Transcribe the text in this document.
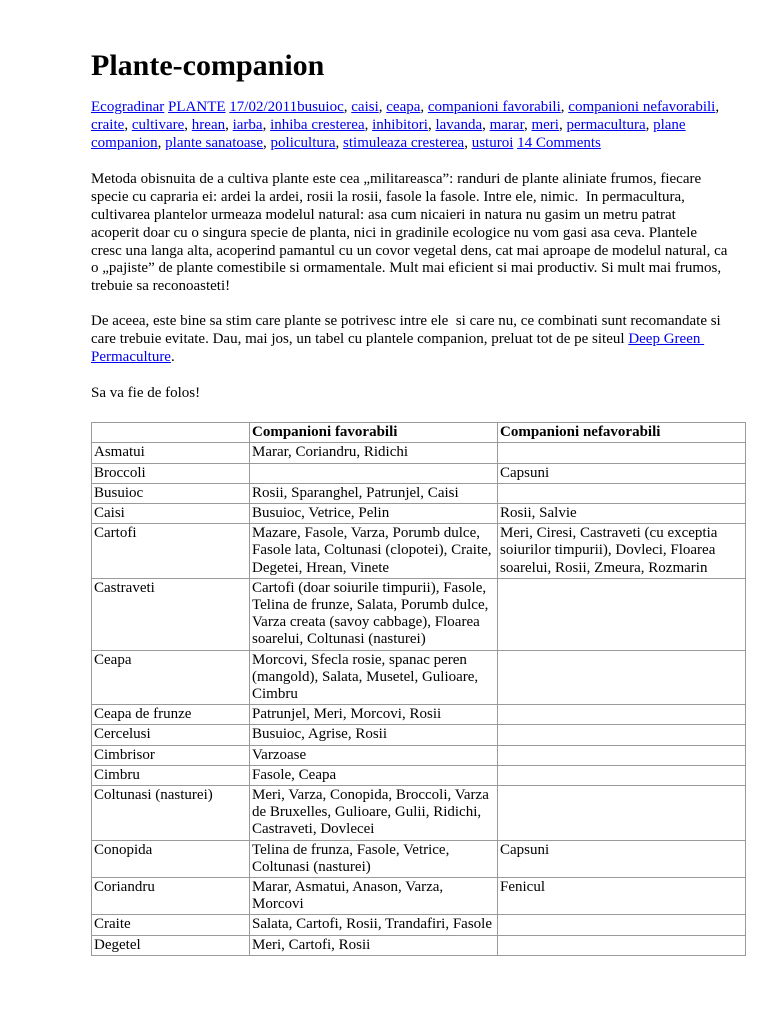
Plante-companion
Ecogradinar PLANTE 17/02/2011busuioc, caisi, ceapa, companioni favorabili, companioni nefavorabili, craite, cultivare, hrean, iarba, inhiba cresterea, inhibitori, lavanda, marar, meri, permacultura, plane companion, plante sanatoase, policultura, stimuleaza cresterea, usturoi 14 Comments

Metoda obisnuita de a cultiva plante este cea „militareasca”: randuri de plante aliniate frumos, fiecare
specie cu capraria ei: ardei la ardei, rosii la rosii, fasole la fasole. Intre ele, nimic.  In permacultura,
cultivarea plantelor urmeaza modelul natural: asa cum nicaieri in natura nu gasim un metru patrat
acoperit doar cu o singura specie de planta, nici in gradinile ecologice nu vom gasi asa ceva. Plantele
cresc una langa alta, acoperind pamantul cu un covor vegetal dens, cat mai aproape de modelul natural, ca
o „pajiste” de plante comestibile si ormamentale. Mult mai eficient si mai productiv. Si mult mai frumos,
trebuie sa reconoasteti!

De aceea, este bine sa stim care plante se potrivesc intre ele  si care nu, ce combinati sunt recomandate si care trebuie evitate. Dau, mai jos, un tabel cu plantele companion, preluat tot de pe siteul Deep Green Permaculture.

Sa va fie de folos!

	Companioni favorabili	Companioni nefavorabili
Asmatui	Marar, Coriandru, Ridichi	
Broccoli		Capsuni
Busuioc	Rosii, Sparanghel, Patrunjel, Caisi	
Caisi	Busuioc, Vetrice, Pelin	Rosii, Salvie
Cartofi	Mazare, Fasole, Varza, Porumb dulce, Fasole lata, Coltunasi (clopotei), Craite, Degetei, Hrean, Vinete	Meri, Ciresi, Castraveti (cu exceptia soiurilor timpurii), Dovleci, Floarea soarelui, Rosii, Zmeura, Rozmarin
Castraveti	Cartofi (doar soiurile timpurii), Fasole, Telina de frunze, Salata, Porumb dulce, Varza creata (savoy cabbage), Floarea soarelui, Coltunasi (nasturei)	
Ceapa	Morcovi, Sfecla rosie, spanac peren (mangold), Salata, Musetel, Gulioare, Cimbru	
Ceapa de frunze	Patrunjel, Meri, Morcovi, Rosii	
Cercelusi	Busuioc, Agrise, Rosii	
Cimbrisor	Varzoase	
Cimbru	Fasole, Ceapa	
Coltunasi (nasturei)	Meri, Varza, Conopida, Broccoli, Varza de Bruxelles, Gulioare, Gulii, Ridichi, Castraveti, Dovlecei	
Conopida	Telina de frunza, Fasole, Vetrice, Coltunasi (nasturei)	Capsuni
Coriandru	Marar, Asmatui, Anason, Varza, Morcovi	Fenicul
Craite	Salata, Cartofi, Rosii, Trandafiri, Fasole	
Degetel	Meri, Cartofi, Rosii	
